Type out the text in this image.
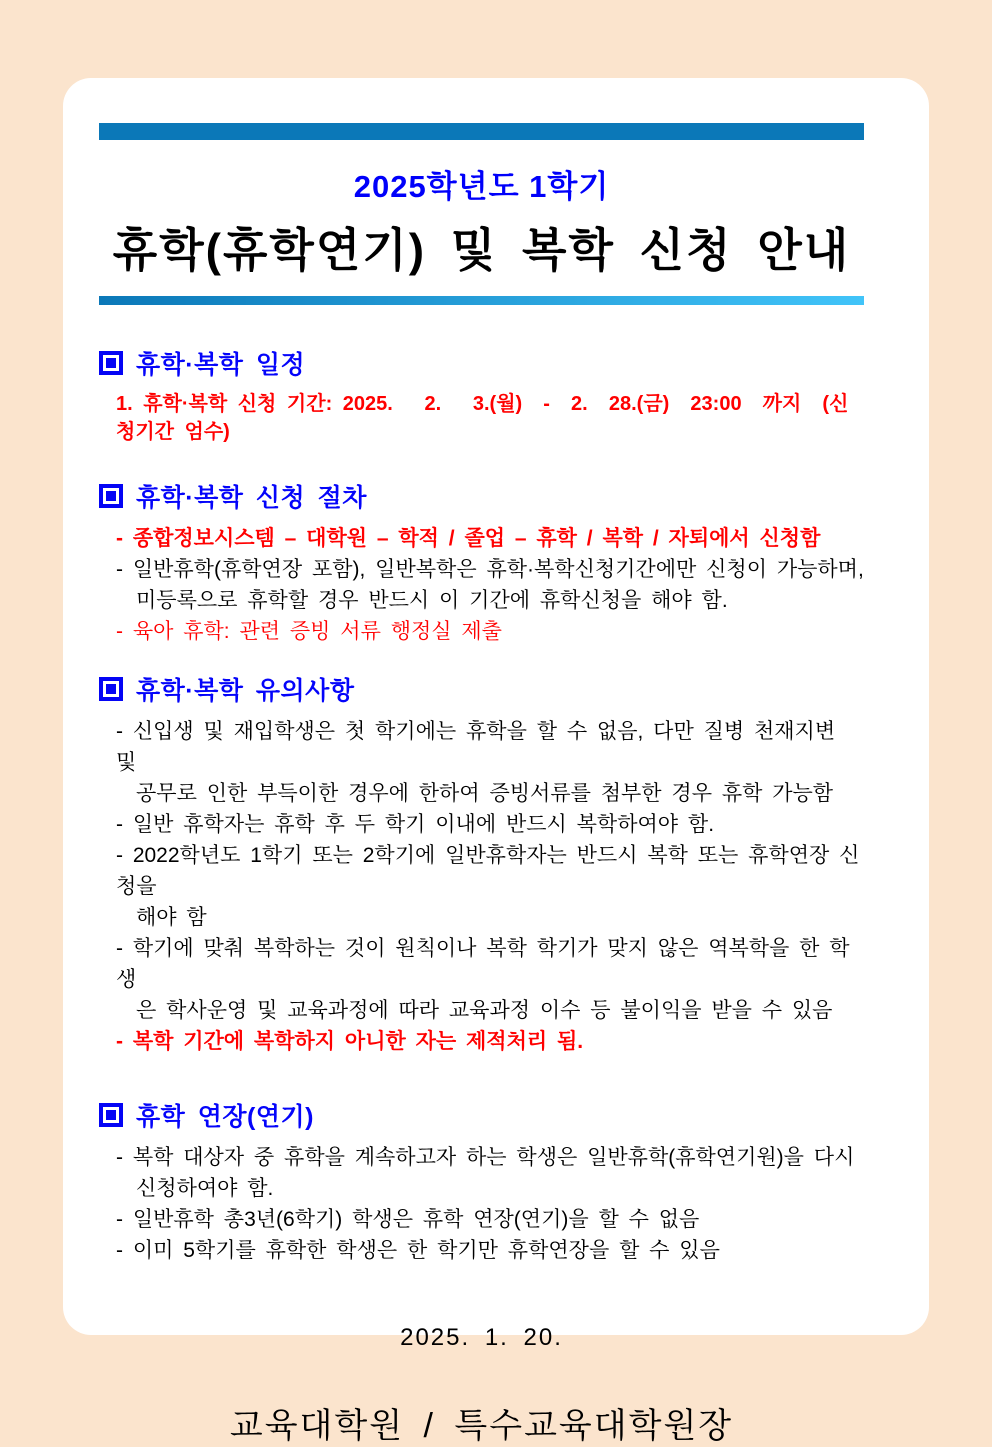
2025학년도 1학기
휴학(휴학연기) 및 복학 신청 안내
휴학·복학 일정
1. 휴학·복학 신청 기간: 2025.   2.   3.(월)  -  2.  28.(금)  23:00  까지  (신청기간 엄수)
휴학·복학 신청 절차
- 종합정보시스템 – 대학원 – 학적 / 졸업 – 휴학 / 복학 / 자퇴에서 신청함
- 일반휴학(휴학연장 포함), 일반복학은 휴학·복학신청기간에만 신청이 가능하며,
미등록으로 휴학할 경우 반드시 이 기간에 휴학신청을 해야 함.
- 육아 휴학: 관련 증빙 서류 행정실 제출
휴학·복학 유의사항
- 신입생 및 재입학생은 첫 학기에는 휴학을 할 수 없음, 다만 질병 천재지변 및
공무로 인한 부득이한 경우에 한하여 증빙서류를 첨부한 경우 휴학 가능함
- 일반 휴학자는 휴학 후 두 학기 이내에 반드시 복학하여야 함.
- 2022학년도 1학기 또는 2학기에 일반휴학자는 반드시 복학 또는 휴학연장 신청을
해야 함
- 학기에 맞춰 복학하는 것이 원칙이나 복학 학기가 맞지 않은 역복학을 한 학생
은 학사운영 및 교육과정에 따라 교육과정 이수 등 불이익을 받을 수 있음
- 복학 기간에 복학하지 아니한 자는 제적처리 됨.
휴학 연장(연기)
- 복학 대상자 중 휴학을 계속하고자 하는 학생은 일반휴학(휴학연기원)을 다시
신청하여야 함.
- 일반휴학 총3년(6학기) 학생은 휴학 연장(연기)을 할 수 없음
- 이미 5학기를 휴학한 학생은 한 학기만 휴학연장을 할 수 있음
2025. 1. 20.
교육대학원 / 특수교육대학원장
